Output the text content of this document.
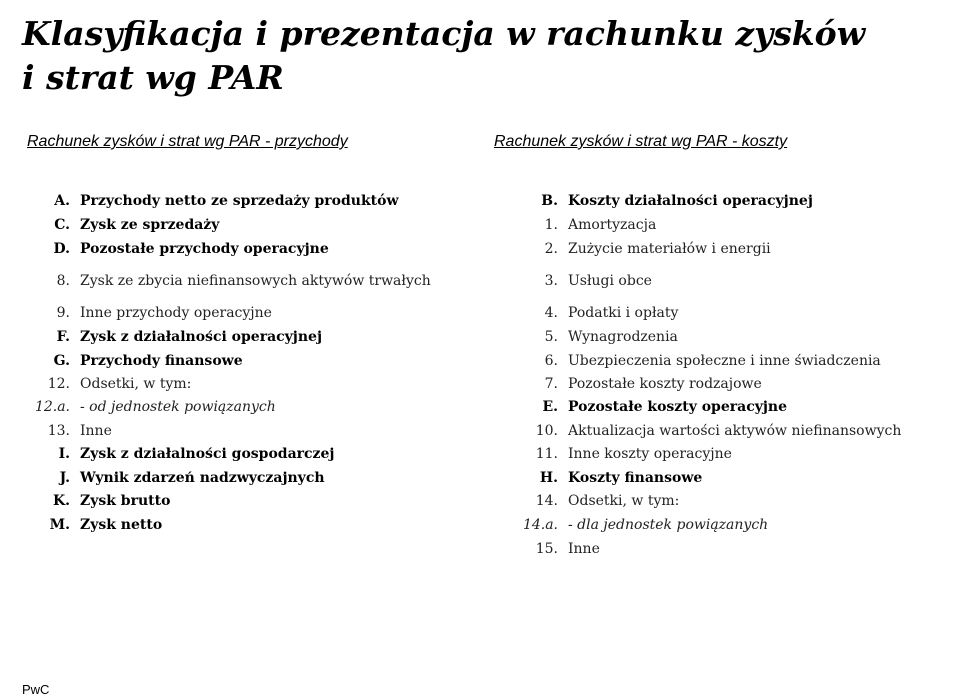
Klasyfikacja i prezentacja w rachunku zysków
i strat wg PAR
Rachunek zysków i strat wg PAR - przychody	Rachunek zysków i strat wg PAR - koszty
A. Przychody netto ze sprzedaży produktów
C. Zysk ze sprzedaży
D. Pozostałe przychody operacyjne
8. Zysk ze zbycia niefinansowych aktywów trwałych
9. Inne przychody operacyjne
F. Zysk z działalności operacyjnej
G. Przychody finansowe
12. Odsetki, w tym:
12.a. - od jednostek powiązanych
13. Inne
I. Zysk z działalności gospodarczej
J. Wynik zdarzeń nadzwyczajnych
K. Zysk brutto
M. Zysk netto
B. Koszty działalności operacyjnej
1. Amortyzacja
2. Zużycie materiałów i energii
3. Usługi obce
4. Podatki i opłaty
5. Wynagrodzenia
6. Ubezpieczenia społeczne i inne świadczenia
7. Pozostałe koszty rodzajowe
E. Pozostałe koszty operacyjne
10. Aktualizacja wartości aktywów niefinansowych
11. Inne koszty operacyjne
H. Koszty finansowe
14. Odsetki, w tym:
14.a. - dla jednostek powiązanych
15. Inne
PwC
